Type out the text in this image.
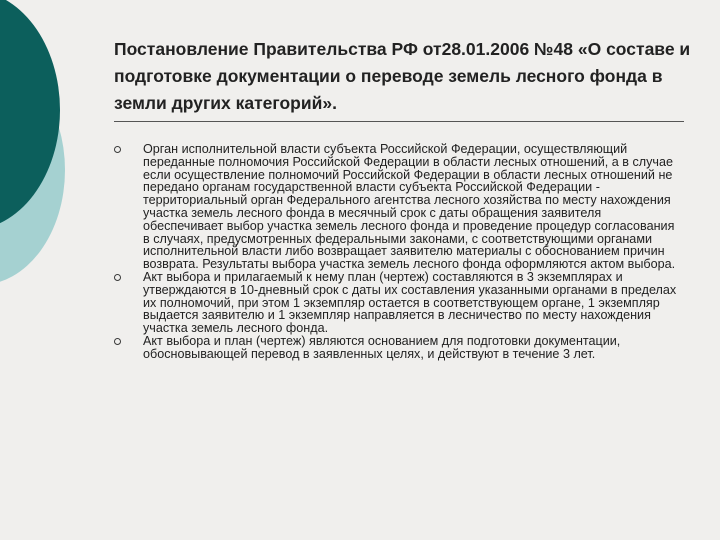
Постановление Правительства РФ от28.01.2006 №48 «О составе и подготовке документации о переводе земель лесного фонда в земли других категорий».
Орган исполнительной власти субъекта Российской Федерации, осуществляющий переданные полномочия Российской Федерации в области лесных отношений, а в случае если осуществление полномочий Российской Федерации в области лесных отношений не передано органам государственной власти субъекта Российской Федерации - территориальный орган Федерального агентства лесного хозяйства по месту нахождения участка земель лесного фонда в месячный срок с даты обращения заявителя обеспечивает выбор участка земель лесного фонда и проведение процедур согласования в случаях, предусмотренных федеральными законами, с соответствующими органами исполнительной власти либо возвращает заявителю материалы с обоснованием причин возврата. Результаты выбора участка земель лесного фонда оформляются актом выбора.
Акт выбора и прилагаемый к нему план (чертеж) составляются в 3 экземплярах и утверждаются в 10-дневный срок с даты их составления указанными органами в пределах их полномочий, при этом 1 экземпляр остается в соответствующем органе, 1 экземпляр выдается заявителю и 1 экземпляр направляется в лесничество по месту нахождения участка земель лесного фонда.
Акт выбора и план (чертеж) являются основанием для подготовки документации, обосновывающей перевод в заявленных целях, и действуют в течение 3 лет.
